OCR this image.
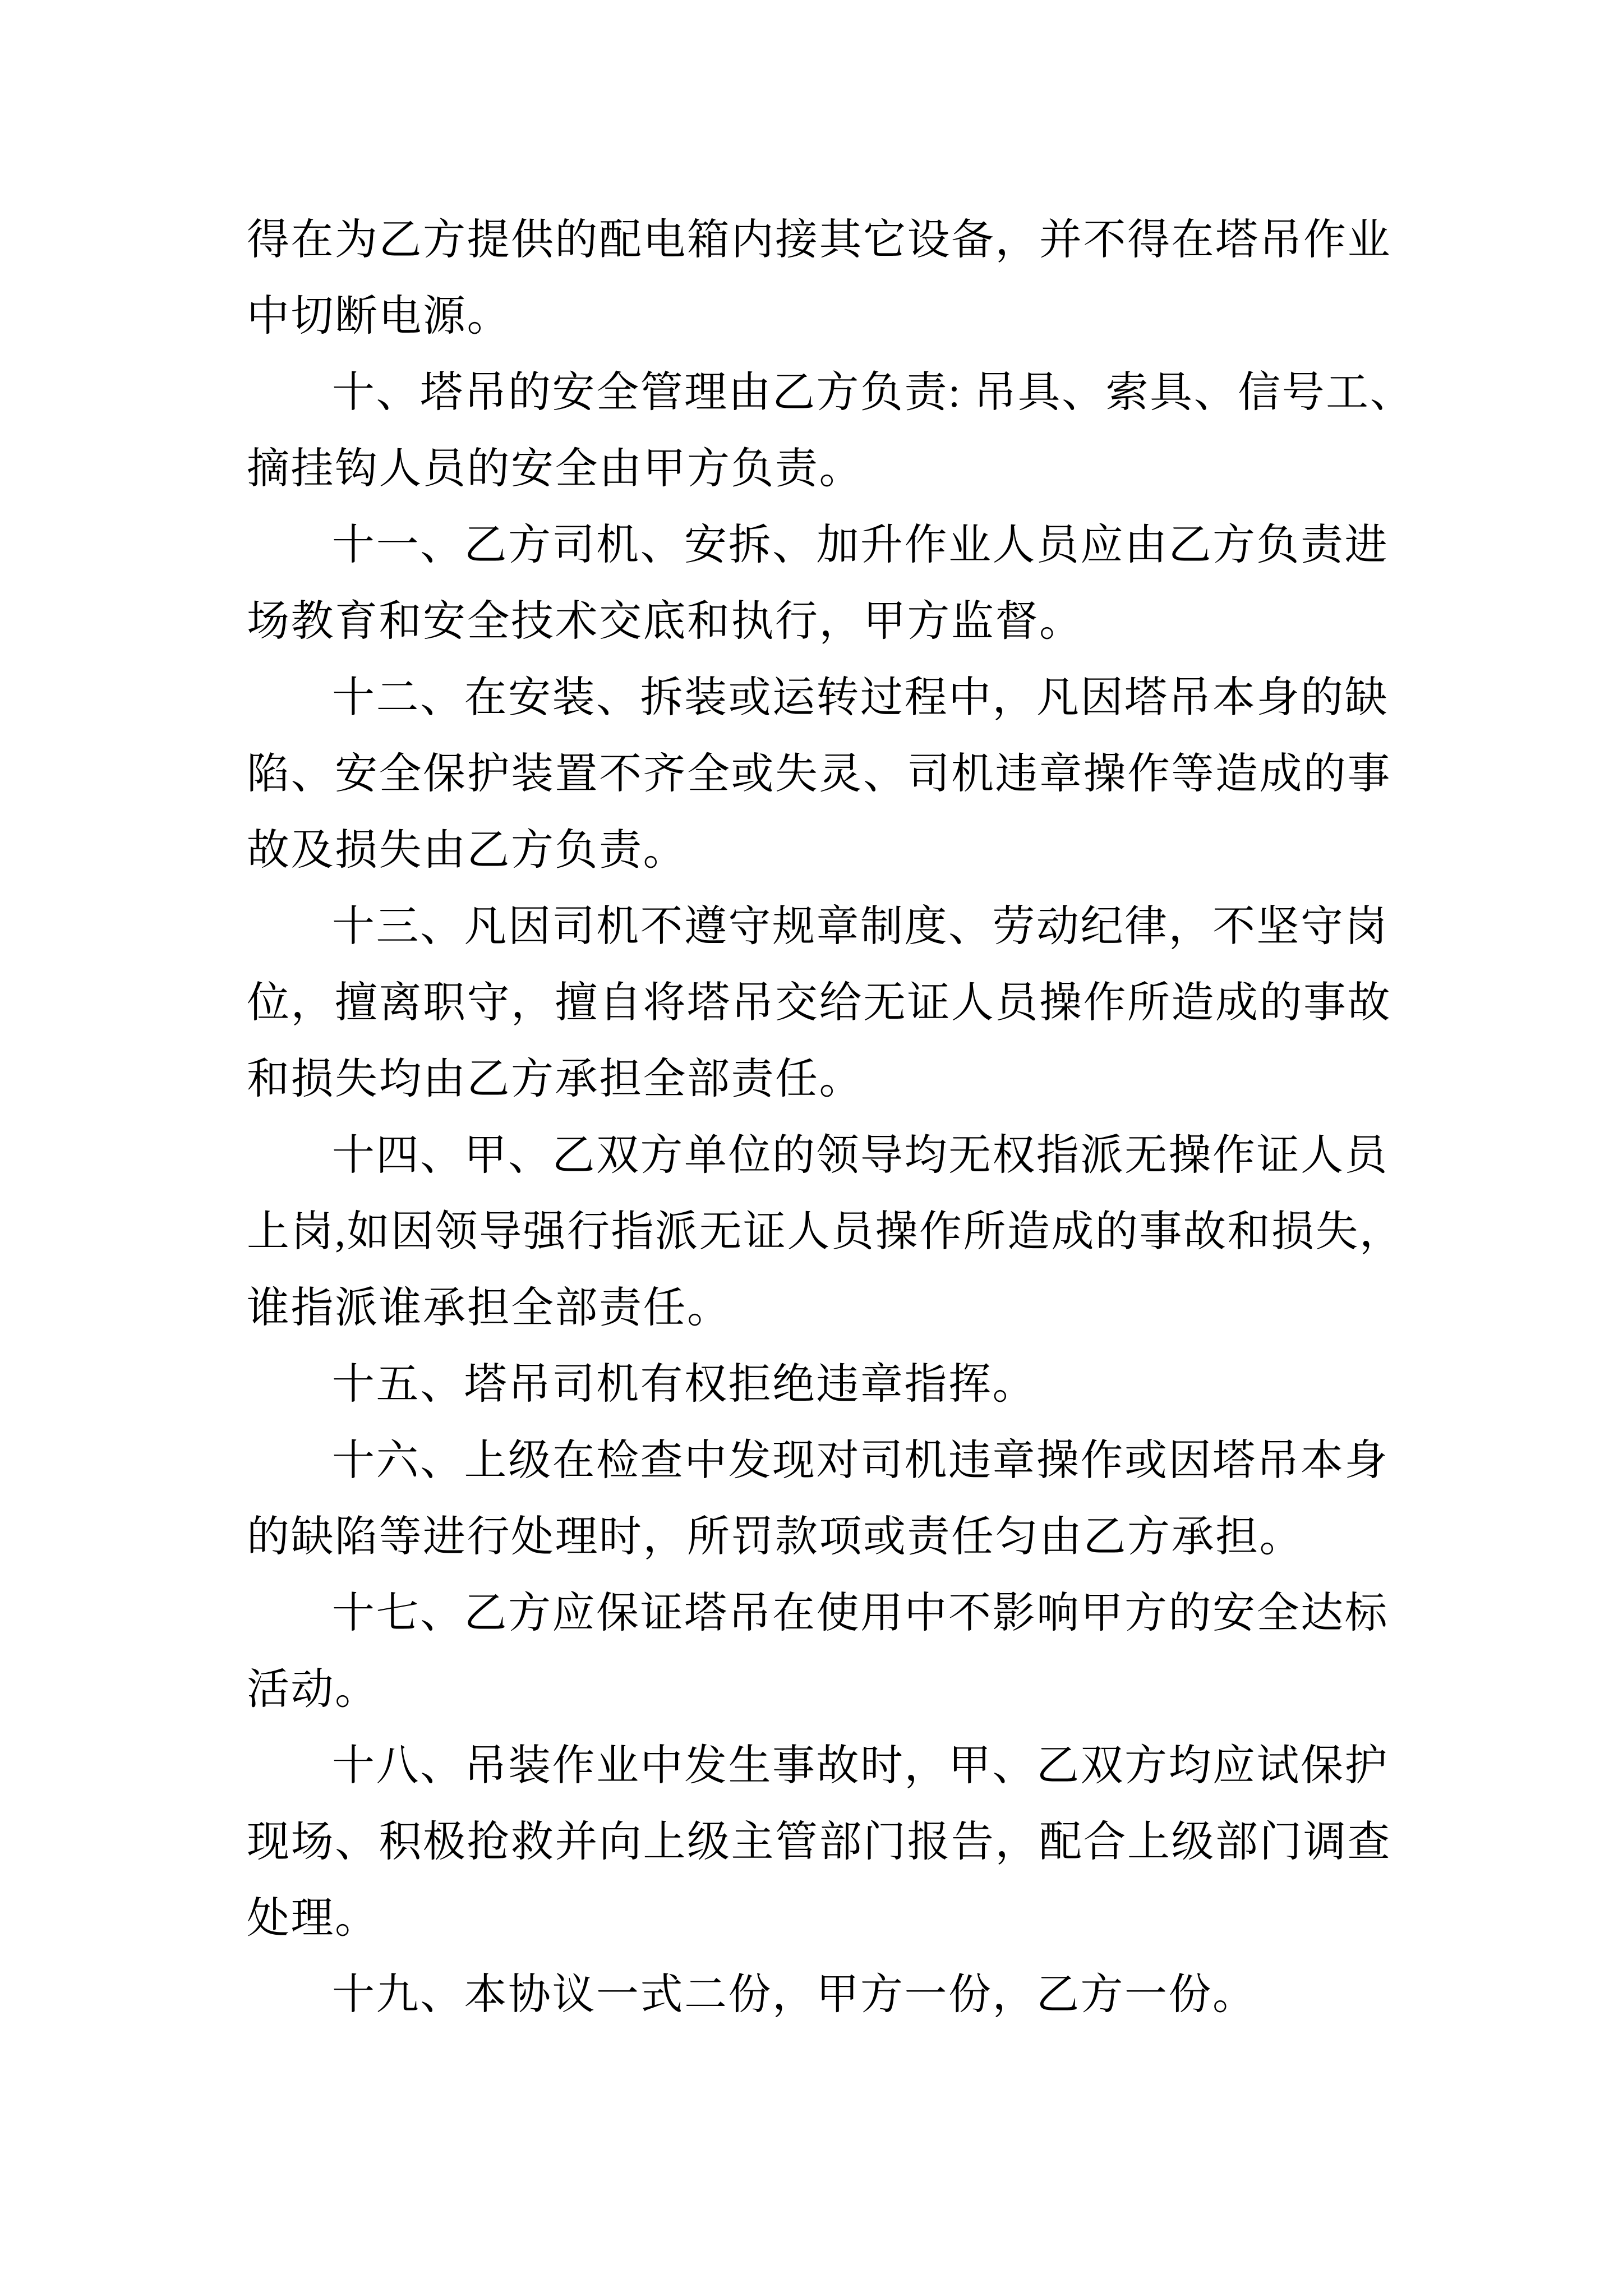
得在为乙方提供的配电箱内接其它设备，并不得在塔吊作业
中切断电源。
十、塔吊的安全管理由乙方负责: 吊具、索具、信号工、
摘挂钩人员的安全由甲方负责。
十一、乙方司机、安拆、加升作业人员应由乙方负责进
场教育和安全技术交底和执行，甲方监督。
十二、在安装、拆装或运转过程中，凡因塔吊本身的缺
陷、安全保护装置不齐全或失灵、司机违章操作等造成的事
故及损失由乙方负责。
十三、凡因司机不遵守规章制度、劳动纪律，不坚守岗
位，擅离职守，擅自将塔吊交给无证人员操作所造成的事故
和损失均由乙方承担全部责任。
十四、甲、乙双方单位的领导均无权指派无操作证人员
上岗,如因领导强行指派无证人员操作所造成的事故和损失，
谁指派谁承担全部责任。
十五、塔吊司机有权拒绝违章指挥。
十六、上级在检查中发现对司机违章操作或因塔吊本身
的缺陷等进行处理时，所罚款项或责任匀由乙方承担。
十七、乙方应保证塔吊在使用中不影响甲方的安全达标
活动。
十八、吊装作业中发生事故时，甲、乙双方均应试保护
现场、积极抢救并向上级主管部门报告，配合上级部门调查
处理。
十九、本协议一式二份，甲方一份，乙方一份。
